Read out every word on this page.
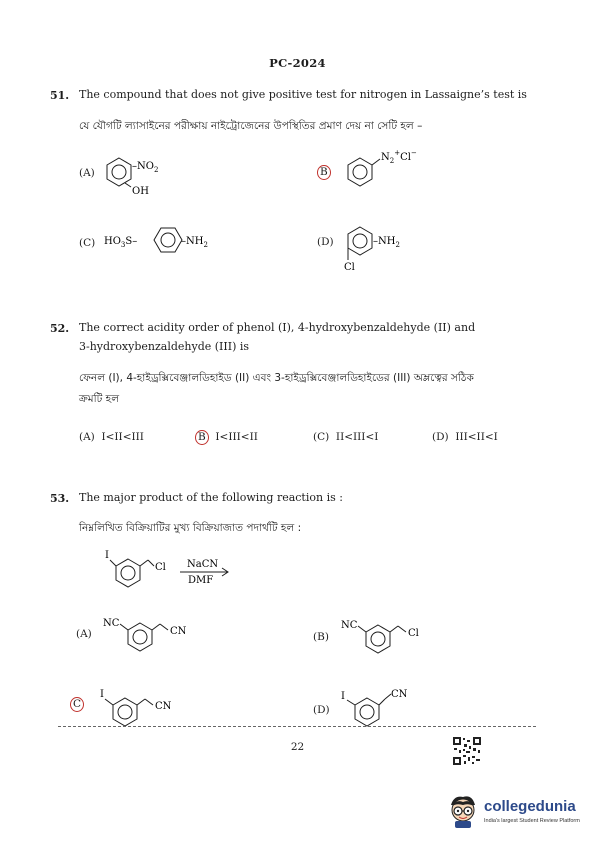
PC-2024
51. The compound that does not give positive test for nitrogen in Lassaigne’s test is
যে যৌগটি ল্যাসাইনের পরীক্ষায় নাইট্রোজেনের উপস্থিতির প্রমাণ দেয় না সেটি হল –
(A)
$-NO_2$
OH
B
$N_2^+Cl^-$
(C) $HO_3S-$	$-NH_2$	(D)	$-NH_2$
Cl
52. The correct acidity order of phenol (I), 4-hydroxybenzaldehyde (II) and
3-hydroxybenzaldehyde (III) is
ফেনল (I), 4-হাইড্রক্সিবেঞ্জালডিহাইড (II) এবং 3-হাইড্রক্সিবেঞ্জালডিহাইডের (III) অম্লত্বের সঠিক
ক্রমটি হল
(A) I<II<III	B I<III<II	(C) II<III<I	(D) III<II<I
53. The major product of the following reaction is :
নিম্নলিখিত বিক্রিয়াটির মুখ্য বিক্রিয়াজাত পদার্থটি হল :
I
Cl NaCN
DMF
(A)
NC
CN	(B)
NC
Cl
C
I
CN	(D)
I	CN
22
collegedunia
India's largest Student Review Platform
